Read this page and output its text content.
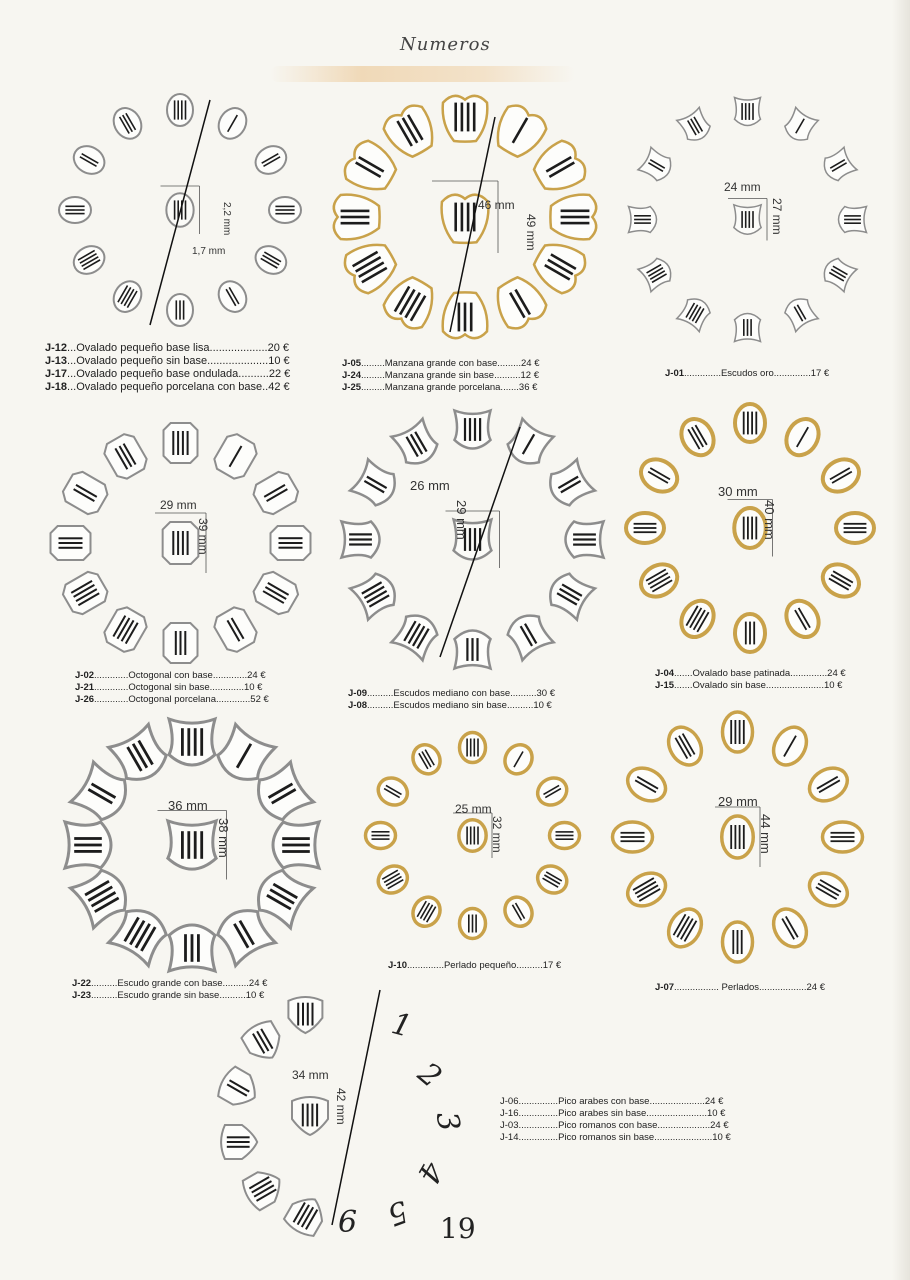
Numeros
2,2 mm
1,7 mm
J-12...Ovalado pequeño base lisa...................20 €
J-13...Ovalado pequeño sin base....................10 €
J-17...Ovalado pequeño base ondulada..........22 €
J-18...Ovalado pequeño porcelana con base..42 €
46 mm
49 mm
J-05.........Manzana grande con base.........24 €
J-24.........Manzana grande sin base..........12 €
J-25.........Manzana grande porcelana.......36 €
24 mm
27 mm
J-01..............Escudos oro..............17 €
29 mm
39 mm
J-02.............Octogonal con base.............24 €
J-21.............Octogonal sin base.............10 €
J-26.............Octogonal porcelana.............52 €
26 mm
29 mm
J-09..........Escudos mediano con base..........30 €
J-08..........Escudos mediano sin base..........10 €
30 mm
40 mm
J-04.......Ovalado base patinada..............24 €
J-15.......Ovalado sin base......................10 €
36 mm
38 mm
J-22..........Escudo grande con base..........24 €
J-23..........Escudo grande sin base..........10 €
25 mm
32 mm
J-10..............Perlado pequeño..........17 €
29 mm
44 mm
J-07................. Perlados..................24 €
34 mm
42 mm
1
2
3
4
5
6	19
J-06...............Pico arabes con base.....................24 €
J-16...............Pico arabes sin base.......................10 €
J-03...............Pico romanos con base....................24 €
J-14...............Pico romanos sin base......................10 €
